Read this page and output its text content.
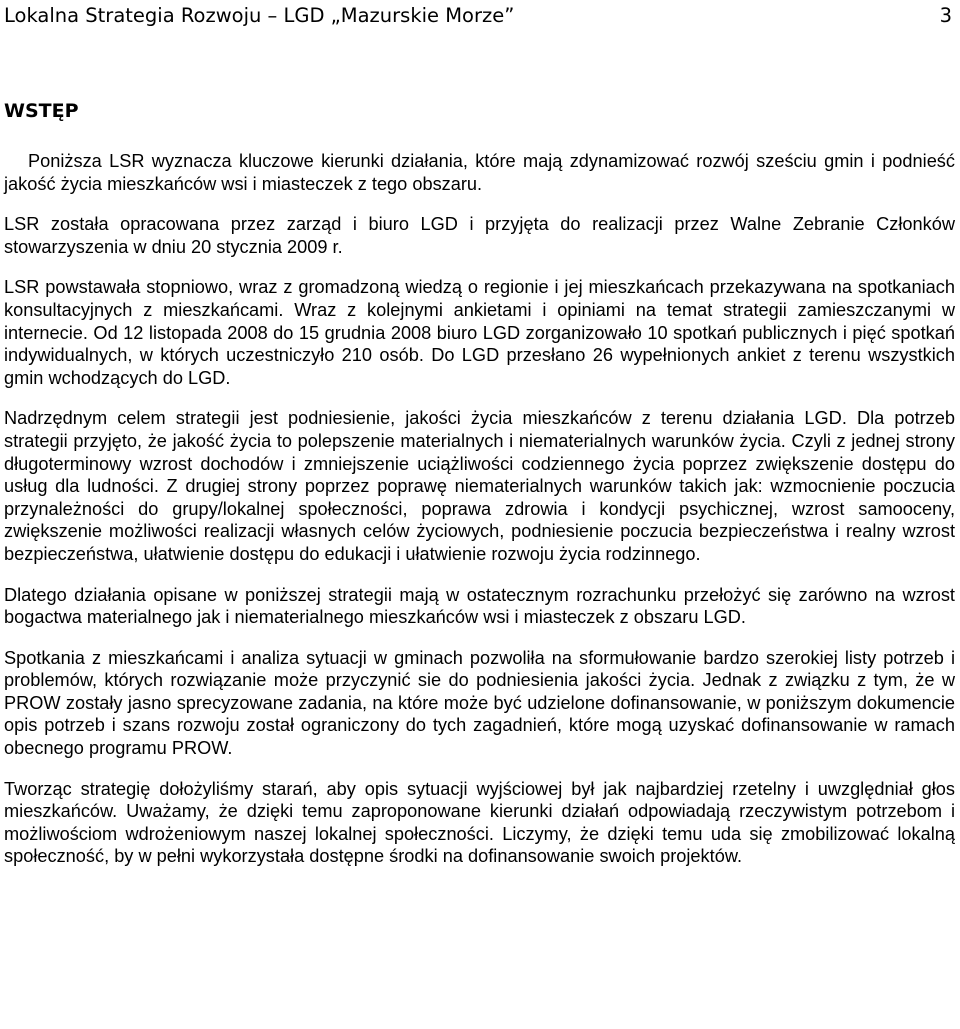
Lokalna Strategia Rozwoju – LGD „Mazurskie Morze”	3
WSTĘP

Poniższa LSR wyznacza kluczowe kierunki działania, które mają zdynamizować rozwój sześciu gmin i podnieść jakość życia mieszkańców wsi i miasteczek z tego obszaru.

LSR została opracowana przez zarząd i biuro LGD i przyjęta do realizacji przez Walne Zebranie Członków stowarzyszenia w dniu 20 stycznia 2009 r.

LSR powstawała stopniowo, wraz z gromadzoną wiedzą o regionie i jej mieszkańcach przekazywana na spotkaniach konsultacyjnych z mieszkańcami. Wraz z kolejnymi ankietami i opiniami na temat strategii zamieszczanymi w internecie. Od 12 listopada 2008 do 15 grudnia 2008 biuro LGD zorganizowało 10 spotkań publicznych i pięć spotkań indywidualnych, w których uczestniczyło 210 osób. Do LGD przesłano 26 wypełnionych ankiet z terenu wszystkich gmin wchodzących do LGD.

Nadrzędnym celem strategii jest podniesienie, jakości życia mieszkańców z terenu działania LGD. Dla potrzeb strategii przyjęto, że jakość życia to polepszenie materialnych i niematerialnych warunków życia. Czyli z jednej strony długoterminowy wzrost dochodów i zmniejszenie uciążliwości codziennego życia poprzez zwiększenie dostępu do usług dla ludności. Z drugiej strony poprzez poprawę niematerialnych warunków takich jak: wzmocnienie poczucia przynależności do grupy/lokalnej społeczności, poprawa zdrowia i kondycji psychicznej, wzrost samooceny, zwiększenie możliwości realizacji własnych celów życiowych, podniesienie poczucia bezpieczeństwa i realny wzrost bezpieczeństwa, ułatwienie dostępu do edukacji i ułatwienie rozwoju życia rodzinnego.

Dlatego działania opisane w poniższej strategii mają w ostatecznym rozrachunku przełożyć się zarówno na wzrost bogactwa materialnego jak i niematerialnego mieszkańców wsi i miasteczek z obszaru LGD.

Spotkania z mieszkańcami i analiza sytuacji w gminach pozwoliła na sformułowanie bardzo szerokiej listy potrzeb i problemów, których rozwiązanie może przyczynić sie do podniesienia jakości życia. Jednak z związku z tym, że w PROW zostały jasno sprecyzowane zadania, na które może być udzielone dofinansowanie, w poniższym dokumencie opis potrzeb i szans rozwoju został ograniczony do tych zagadnień, które mogą uzyskać dofinansowanie w ramach obecnego programu PROW.

Tworząc strategię dołożyliśmy starań, aby opis sytuacji wyjściowej był jak najbardziej rzetelny i uwzględniał głos mieszkańców. Uważamy, że dzięki temu zaproponowane kierunki działań odpowiadają rzeczywistym potrzebom i możliwościom wdrożeniowym naszej lokalnej społeczności. Liczymy, że dzięki temu uda się zmobilizować lokalną społeczność, by w pełni wykorzystała dostępne środki na dofinansowanie swoich projektów.
